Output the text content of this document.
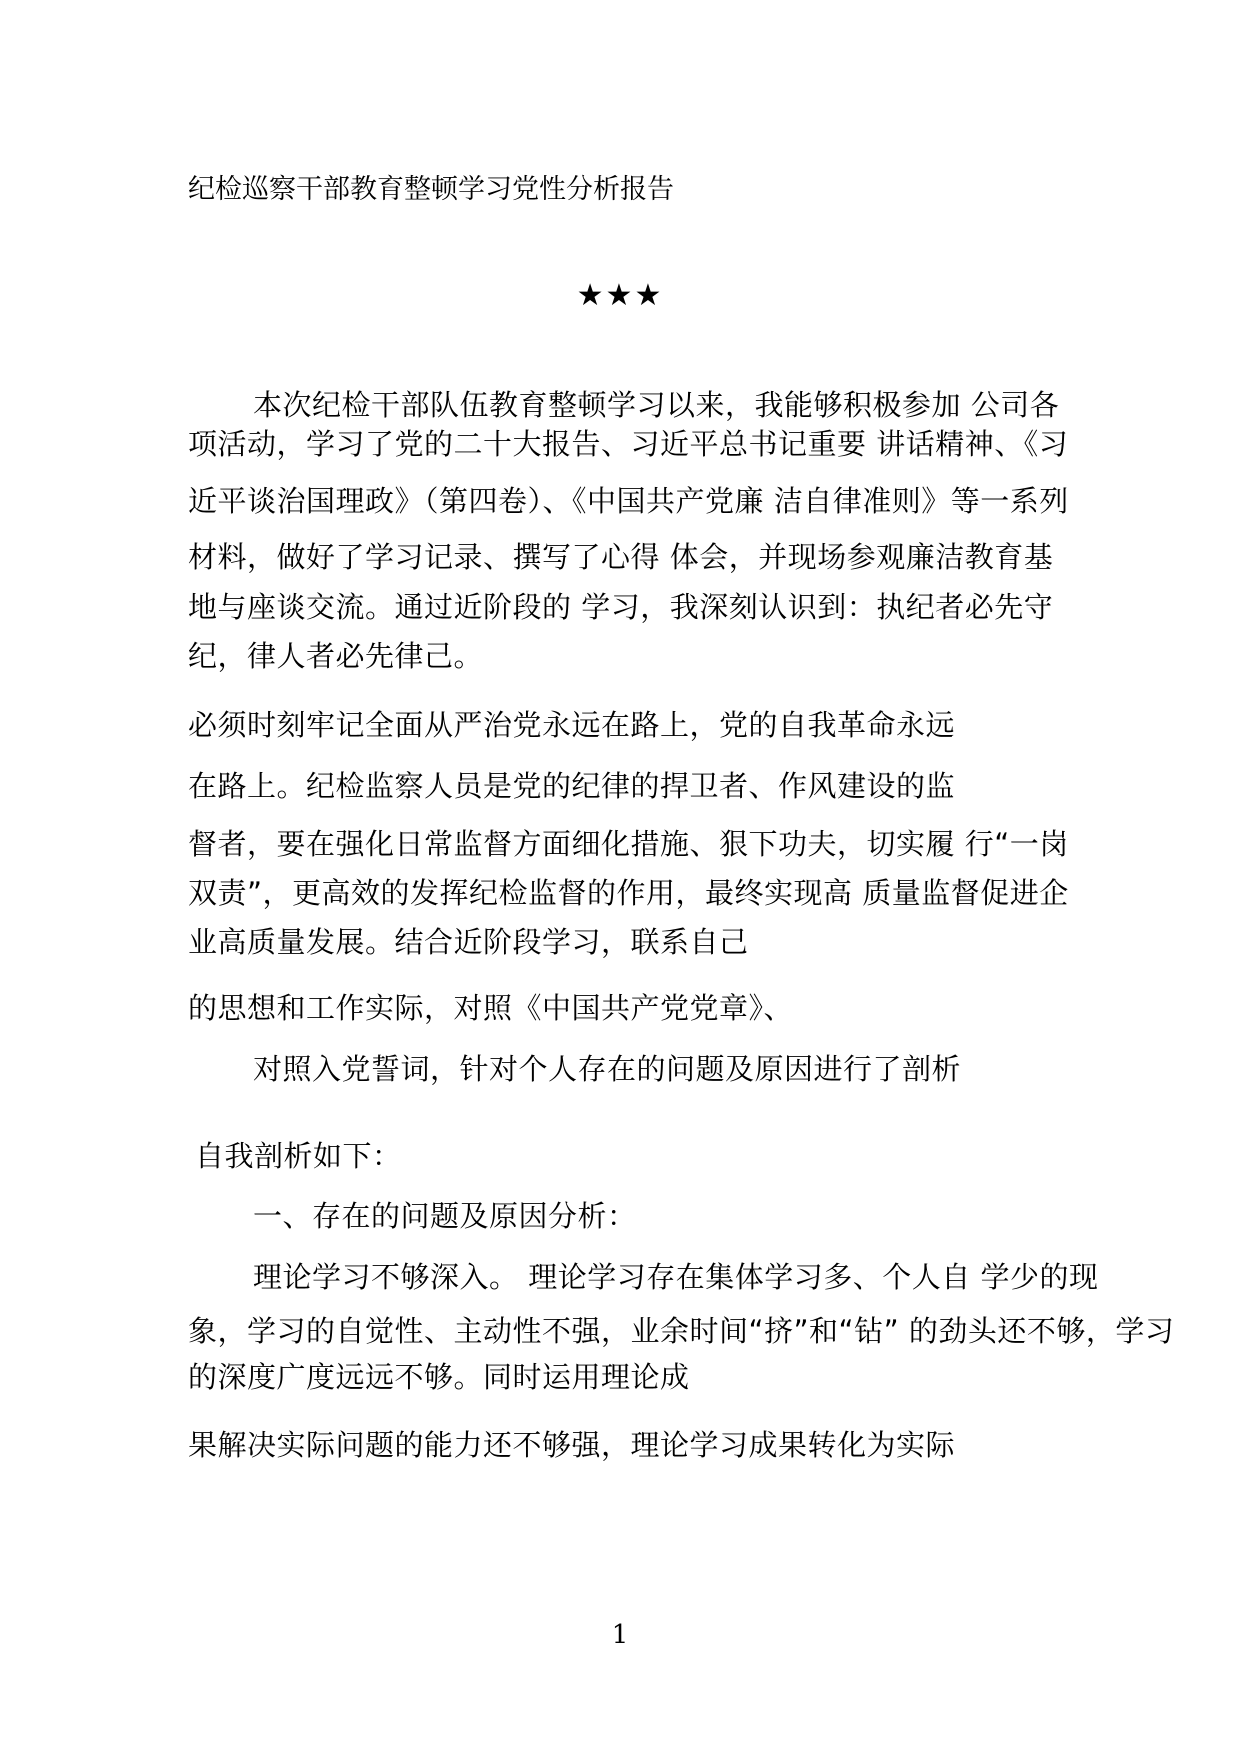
纪检巡察干部教育整顿学习党性分析报告

★★★

本次纪检干部队伍教育整顿学习以来，我能够积极参加 公司各

项活动，学习了党的二十大报告、习近平总书记重要 讲话精神、《习

近平谈治国理政》（第四卷）、《中国共产党廉 洁自律准则》等一系列

材料，做好了学习记录、撰写了心得 体会，并现场参观廉洁教育基

地与座谈交流。通过近阶段的 学习，我深刻认识到：执纪者必先守

纪，律人者必先律己。

必须时刻牢记全面从严治党永远在路上，党的自我革命永远

在路上。纪检监察人员是党的纪律的捍卫者、作风建设的监

督者，要在强化日常监督方面细化措施、狠下功夫，切实履 行“一岗

双责”，更高效的发挥纪检监督的作用，最终实现高 质量监督促进企

业高质量发展。结合近阶段学习，联系自己

的思想和工作实际，对照《中国共产党党章》、

对照入党誓词，针对个人存在的问题及原因进行了剖析

自我剖析如下：

一、存在的问题及原因分析：

理论学习不够深入。 理论学习存在集体学习多、个人自 学少的现

象，学习的自觉性、主动性不强，业余时间“挤”和“钻” 的劲头还不够，学习

的深度广度远远不够。同时运用理论成

果解决实际问题的能力还不够强，理论学习成果转化为实际

1
